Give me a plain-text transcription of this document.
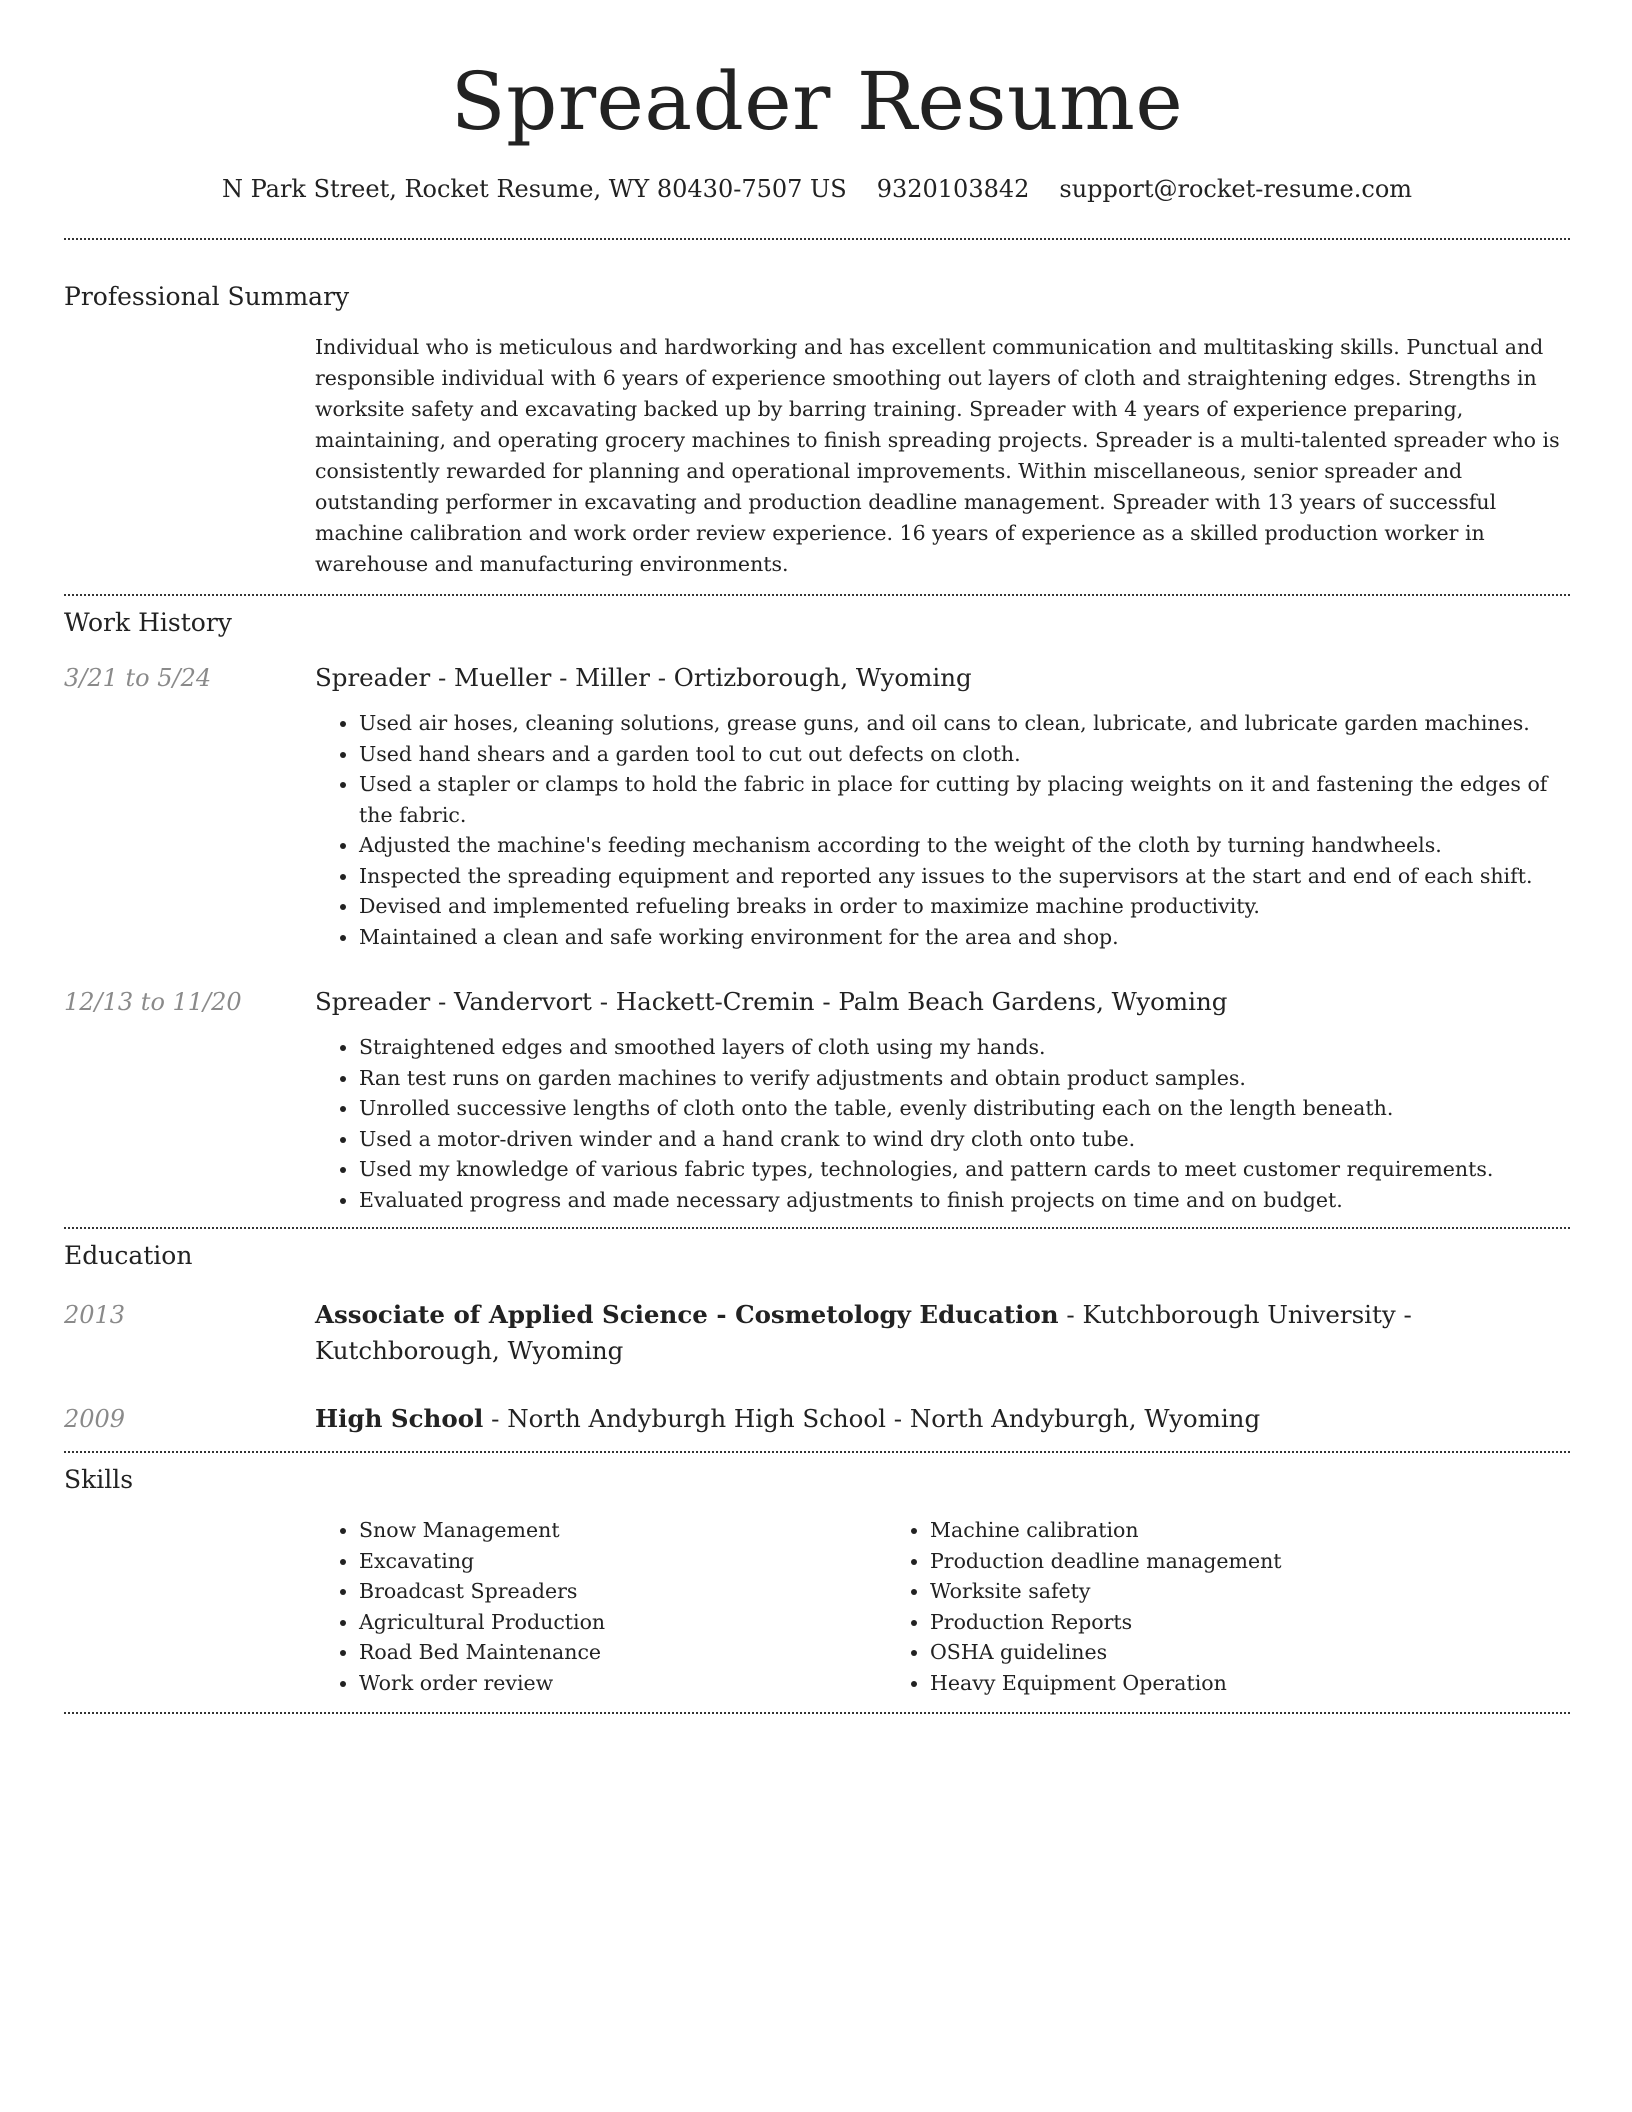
Spreader Resume
N Park Street, Rocket Resume, WY 80430-7507 US 9320103842 support@rocket-resume.com
Professional Summary

Individual who is meticulous and hardworking and has excellent communication and multitasking skills. Punctual and responsible individual with 6 years of experience smoothing out layers of cloth and straightening edges. Strengths in worksite safety and excavating backed up by barring training. Spreader with 4 years of experience preparing, maintaining, and operating grocery machines to finish spreading projects. Spreader is a multi-talented spreader who is consistently rewarded for planning and operational improvements. Within miscellaneous, senior spreader and outstanding performer in excavating and production deadline management. Spreader with 13 years of successful machine calibration and work order review experience. 16 years of experience as a skilled production worker in warehouse and manufacturing environments.

Work History
3/21 to 5/24	Spreader - Mueller - Miller - Ortizborough, Wyoming
• Used air hoses, cleaning solutions, grease guns, and oil cans to clean, lubricate, and lubricate garden machines.
• Used hand shears and a garden tool to cut out defects on cloth.
• Used a stapler or clamps to hold the fabric in place for cutting by placing weights on it and fastening the edges of the fabric.
• Adjusted the machine's feeding mechanism according to the weight of the cloth by turning handwheels.
• Inspected the spreading equipment and reported any issues to the supervisors at the start and end of each shift.
• Devised and implemented refueling breaks in order to maximize machine productivity.
• Maintained a clean and safe working environment for the area and shop.
12/13 to 11/20	Spreader - Vandervort - Hackett-Cremin - Palm Beach Gardens, Wyoming
• Straightened edges and smoothed layers of cloth using my hands.
• Ran test runs on garden machines to verify adjustments and obtain product samples.
• Unrolled successive lengths of cloth onto the table, evenly distributing each on the length beneath.
• Used a motor-driven winder and a hand crank to wind dry cloth onto tube.
• Used my knowledge of various fabric types, technologies, and pattern cards to meet customer requirements.
• Evaluated progress and made necessary adjustments to finish projects on time and on budget.
Education
2013	Associate of Applied Science - Cosmetology Education - Kutchborough University - Kutchborough, Wyoming
2009	High School - North Andyburgh High School - North Andyburgh, Wyoming
Skills
• Snow Management
• Excavating
• Broadcast Spreaders
• Agricultural Production
• Road Bed Maintenance
• Work order review
• Machine calibration
• Production deadline management
• Worksite safety
• Production Reports
• OSHA guidelines
• Heavy Equipment Operation
